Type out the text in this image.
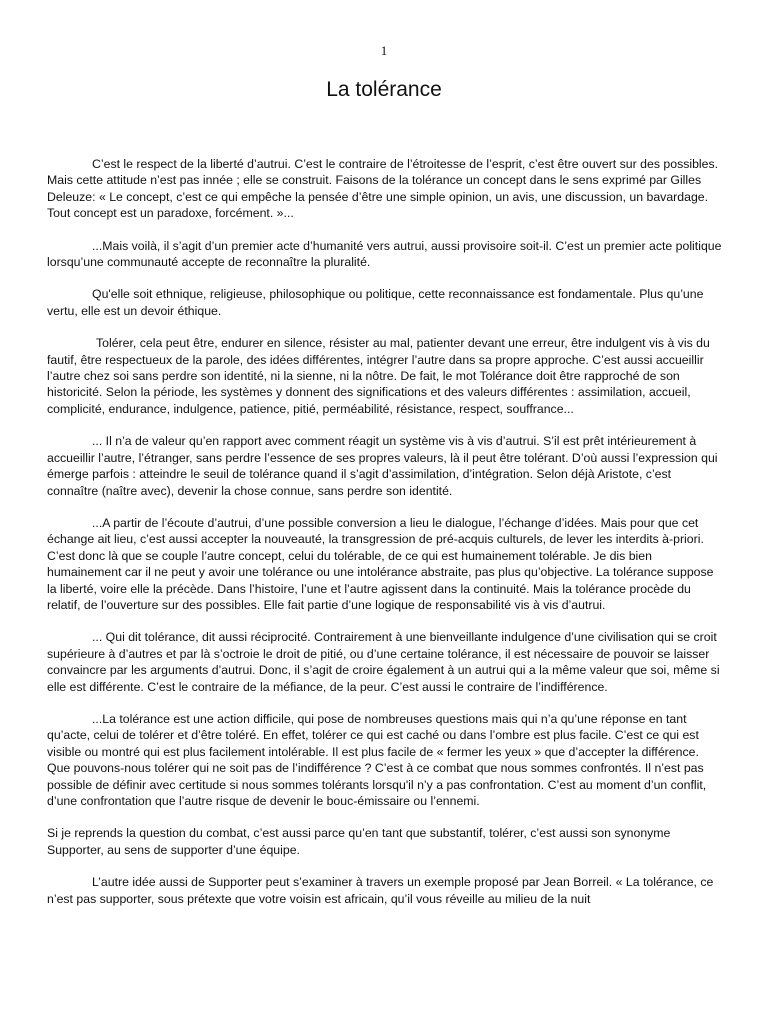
1
La tolérance

C’est le respect de la liberté d’autrui. C’est le contraire de l’étroitesse de l’esprit, c’est être ouvert sur des possibles. Mais cette attitude n’est pas innée ; elle se construit. Faisons de la tolérance un concept dans le sens exprimé par Gilles Deleuze: « Le concept, c’est ce qui empêche la pensée d’être une simple opinion, un avis, une discussion, un bavardage. Tout concept est un paradoxe, forcément. »...

...Mais voilà, il s’agit d’un premier acte d’humanité vers autrui, aussi provisoire soit-il. C’est un premier acte politique lorsqu’une communauté accepte de reconnaître la pluralité.

Qu'elle soit ethnique, religieuse, philosophique ou politique, cette reconnaissance est fondamentale. Plus qu’une vertu, elle est un devoir éthique.

Tolérer, cela peut être, endurer en silence, résister au mal, patienter devant une erreur, être indulgent vis à vis du fautif, être respectueux de la parole, des idées différentes, intégrer l’autre dans sa propre approche. C’est aussi accueillir l’autre chez soi sans perdre son identité, ni la sienne, ni la nôtre. De fait, le mot Tolérance doit être rapproché de son historicité. Selon la période, les systèmes y donnent des significations et des valeurs différentes : assimilation, accueil, complicité, endurance, indulgence, patience, pitié, perméabilité, résistance, respect, souffrance...

... Il n’a de valeur qu’en rapport avec comment réagit un système vis à vis d’autrui. S’il est prêt intérieurement à accueillir l’autre, l’étranger, sans perdre l’essence de ses propres valeurs, là il peut être tolérant. D’où aussi l’expression qui émerge parfois : atteindre le seuil de tolérance quand il s’agit d’assimilation, d’intégration. Selon déjà Aristote, c’est connaître (naître avec), devenir la chose connue, sans perdre son identité.

...A partir de l’écoute d’autrui, d’une possible conversion a lieu le dialogue, l’échange d’idées. Mais pour que cet échange ait lieu, c’est aussi accepter la nouveauté, la transgression de pré-acquis culturels, de lever les interdits à-priori. C’est donc là que se couple l’autre concept, celui du tolérable, de ce qui est humainement tolérable. Je dis bien humainement car il ne peut y avoir une tolérance ou une intolérance abstraite, pas plus qu’objective. La tolérance suppose la liberté, voire elle la précède. Dans l’histoire, l’une et l’autre agissent dans la continuité. Mais la tolérance procède du relatif, de l’ouverture sur des possibles. Elle fait partie d’une logique de responsabilité vis à vis d’autrui.

... Qui dit tolérance, dit aussi réciprocité. Contrairement à une bienveillante indulgence d’une civilisation qui se croit supérieure à d’autres et par là s’octroie le droit de pitié, ou d’une certaine tolérance, il est nécessaire de pouvoir se laisser convaincre par les arguments d’autrui. Donc, il s’agit de croire également à un autrui qui a la même valeur que soi, même si elle est différente. C’est le contraire de la méfiance, de la peur. C’est aussi le contraire de l’indifférence.

...La tolérance est une action difficile, qui pose de nombreuses questions mais qui n’a qu’une réponse en tant qu’acte, celui de tolérer et d’être toléré. En effet, tolérer ce qui est caché ou dans l’ombre est plus facile. C’est ce qui est visible ou montré qui est plus facilement intolérable. Il est plus facile de « fermer les yeux » que d’accepter la différence. Que pouvons-nous tolérer qui ne soit pas de l’indifférence ? C’est à ce combat que nous sommes confrontés. Il n’est pas possible de définir avec certitude si nous sommes tolérants lorsqu'il n’y a pas confrontation. C’est au moment d’un conflit, d’une confrontation que l’autre risque de devenir le bouc-émissaire ou l’ennemi.

Si je reprends la question du combat, c’est aussi parce qu’en tant que substantif, tolérer, c’est aussi son synonyme Supporter, au sens de supporter d’une équipe.

L’autre idée aussi de Supporter peut s’examiner à travers un exemple proposé par Jean Borreil. « La tolérance, ce n’est pas supporter, sous prétexte que votre voisin est africain, qu’il vous réveille au milieu de la nuit
